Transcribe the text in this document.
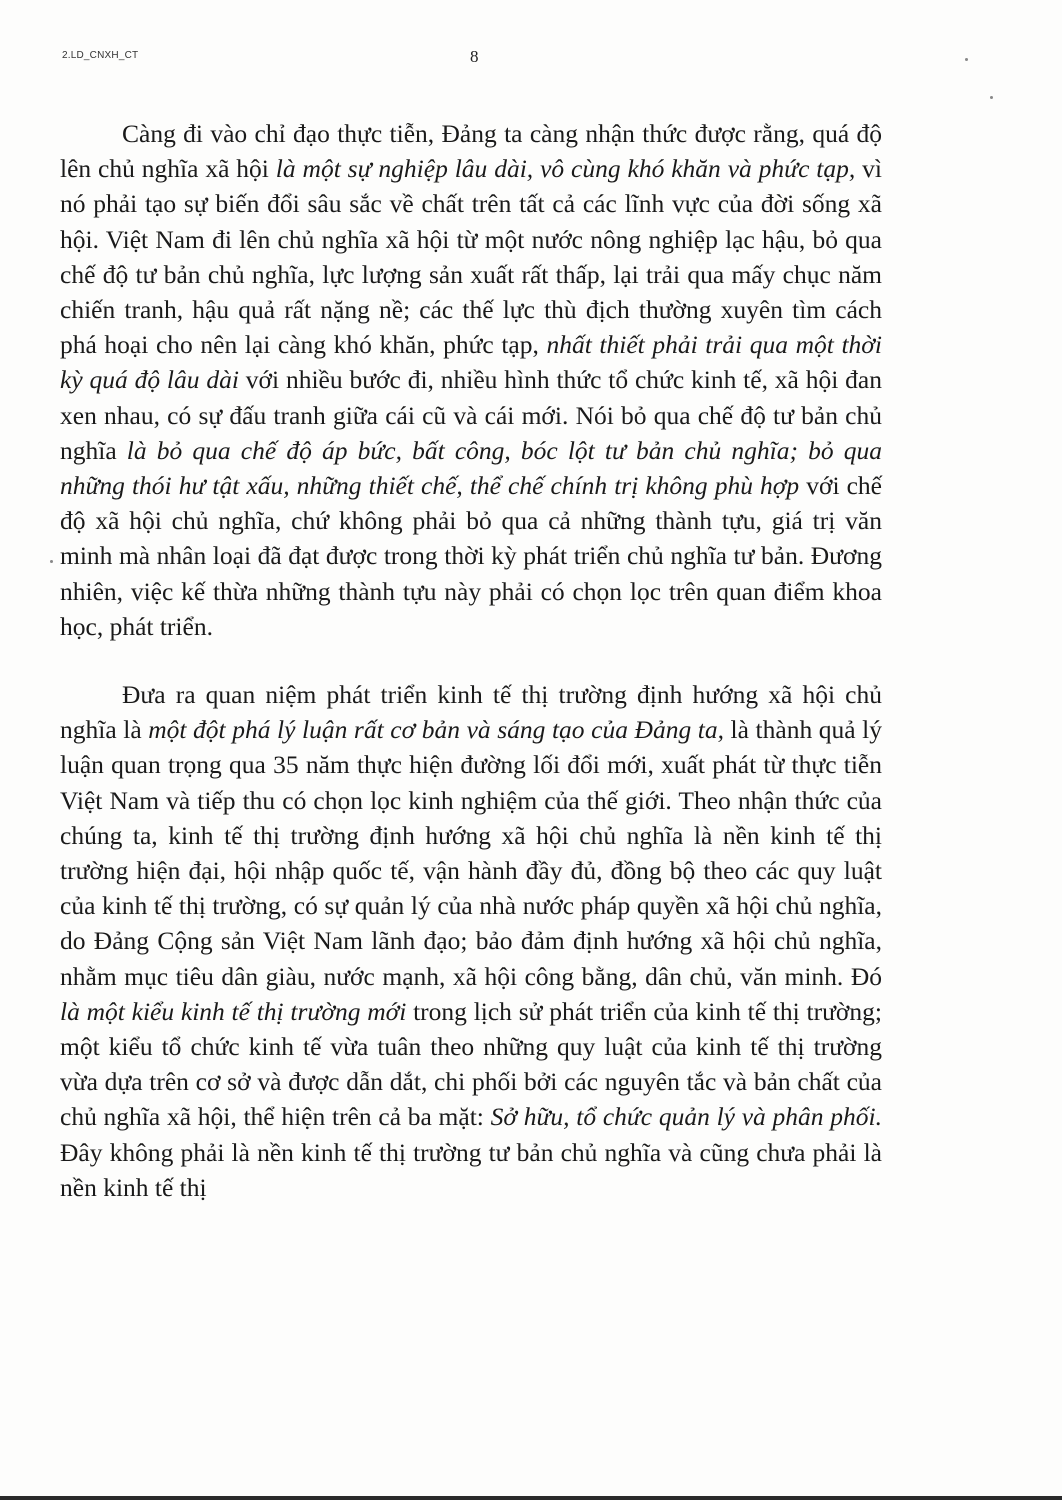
2.LD_CNXH_CT	8

Càng đi vào chỉ đạo thực tiễn, Đảng ta càng nhận thức được rằng, quá độ lên chủ nghĩa xã hội là một sự nghiệp lâu dài, vô cùng khó khăn và phức tạp, vì nó phải tạo sự biến đổi sâu sắc về chất trên tất cả các lĩnh vực của đời sống xã hội. Việt Nam đi lên chủ nghĩa xã hội từ một nước nông nghiệp lạc hậu, bỏ qua chế độ tư bản chủ nghĩa, lực lượng sản xuất rất thấp, lại trải qua mấy chục năm chiến tranh, hậu quả rất nặng nề; các thế lực thù địch thường xuyên tìm cách phá hoại cho nên lại càng khó khăn, phức tạp, nhất thiết phải trải qua một thời kỳ quá độ lâu dài với nhiều bước đi, nhiều hình thức tổ chức kinh tế, xã hội đan xen nhau, có sự đấu tranh giữa cái cũ và cái mới. Nói bỏ qua chế độ tư bản chủ nghĩa là bỏ qua chế độ áp bức, bất công, bóc lột tư bản chủ nghĩa; bỏ qua những thói hư tật xấu, những thiết chế, thể chế chính trị không phù hợp với chế độ xã hội chủ nghĩa, chứ không phải bỏ qua cả những thành tựu, giá trị văn minh mà nhân loại đã đạt được trong thời kỳ phát triển chủ nghĩa tư bản. Đương nhiên, việc kế thừa những thành tựu này phải có chọn lọc trên quan điểm khoa học, phát triển.

Đưa ra quan niệm phát triển kinh tế thị trường định hướng xã hội chủ nghĩa là một đột phá lý luận rất cơ bản và sáng tạo của Đảng ta, là thành quả lý luận quan trọng qua 35 năm thực hiện đường lối đổi mới, xuất phát từ thực tiễn Việt Nam và tiếp thu có chọn lọc kinh nghiệm của thế giới. Theo nhận thức của chúng ta, kinh tế thị trường định hướng xã hội chủ nghĩa là nền kinh tế thị trường hiện đại, hội nhập quốc tế, vận hành đầy đủ, đồng bộ theo các quy luật của kinh tế thị trường, có sự quản lý của nhà nước pháp quyền xã hội chủ nghĩa, do Đảng Cộng sản Việt Nam lãnh đạo; bảo đảm định hướng xã hội chủ nghĩa, nhằm mục tiêu dân giàu, nước mạnh, xã hội công bằng, dân chủ, văn minh. Đó là một kiểu kinh tế thị trường mới trong lịch sử phát triển của kinh tế thị trường; một kiểu tổ chức kinh tế vừa tuân theo những quy luật của kinh tế thị trường vừa dựa trên cơ sở và được dẫn dắt, chi phối bởi các nguyên tắc và bản chất của chủ nghĩa xã hội, thể hiện trên cả ba mặt: Sở hữu, tổ chức quản lý và phân phối. Đây không phải là nền kinh tế thị trường tư bản chủ nghĩa và cũng chưa phải là nền kinh tế thị
